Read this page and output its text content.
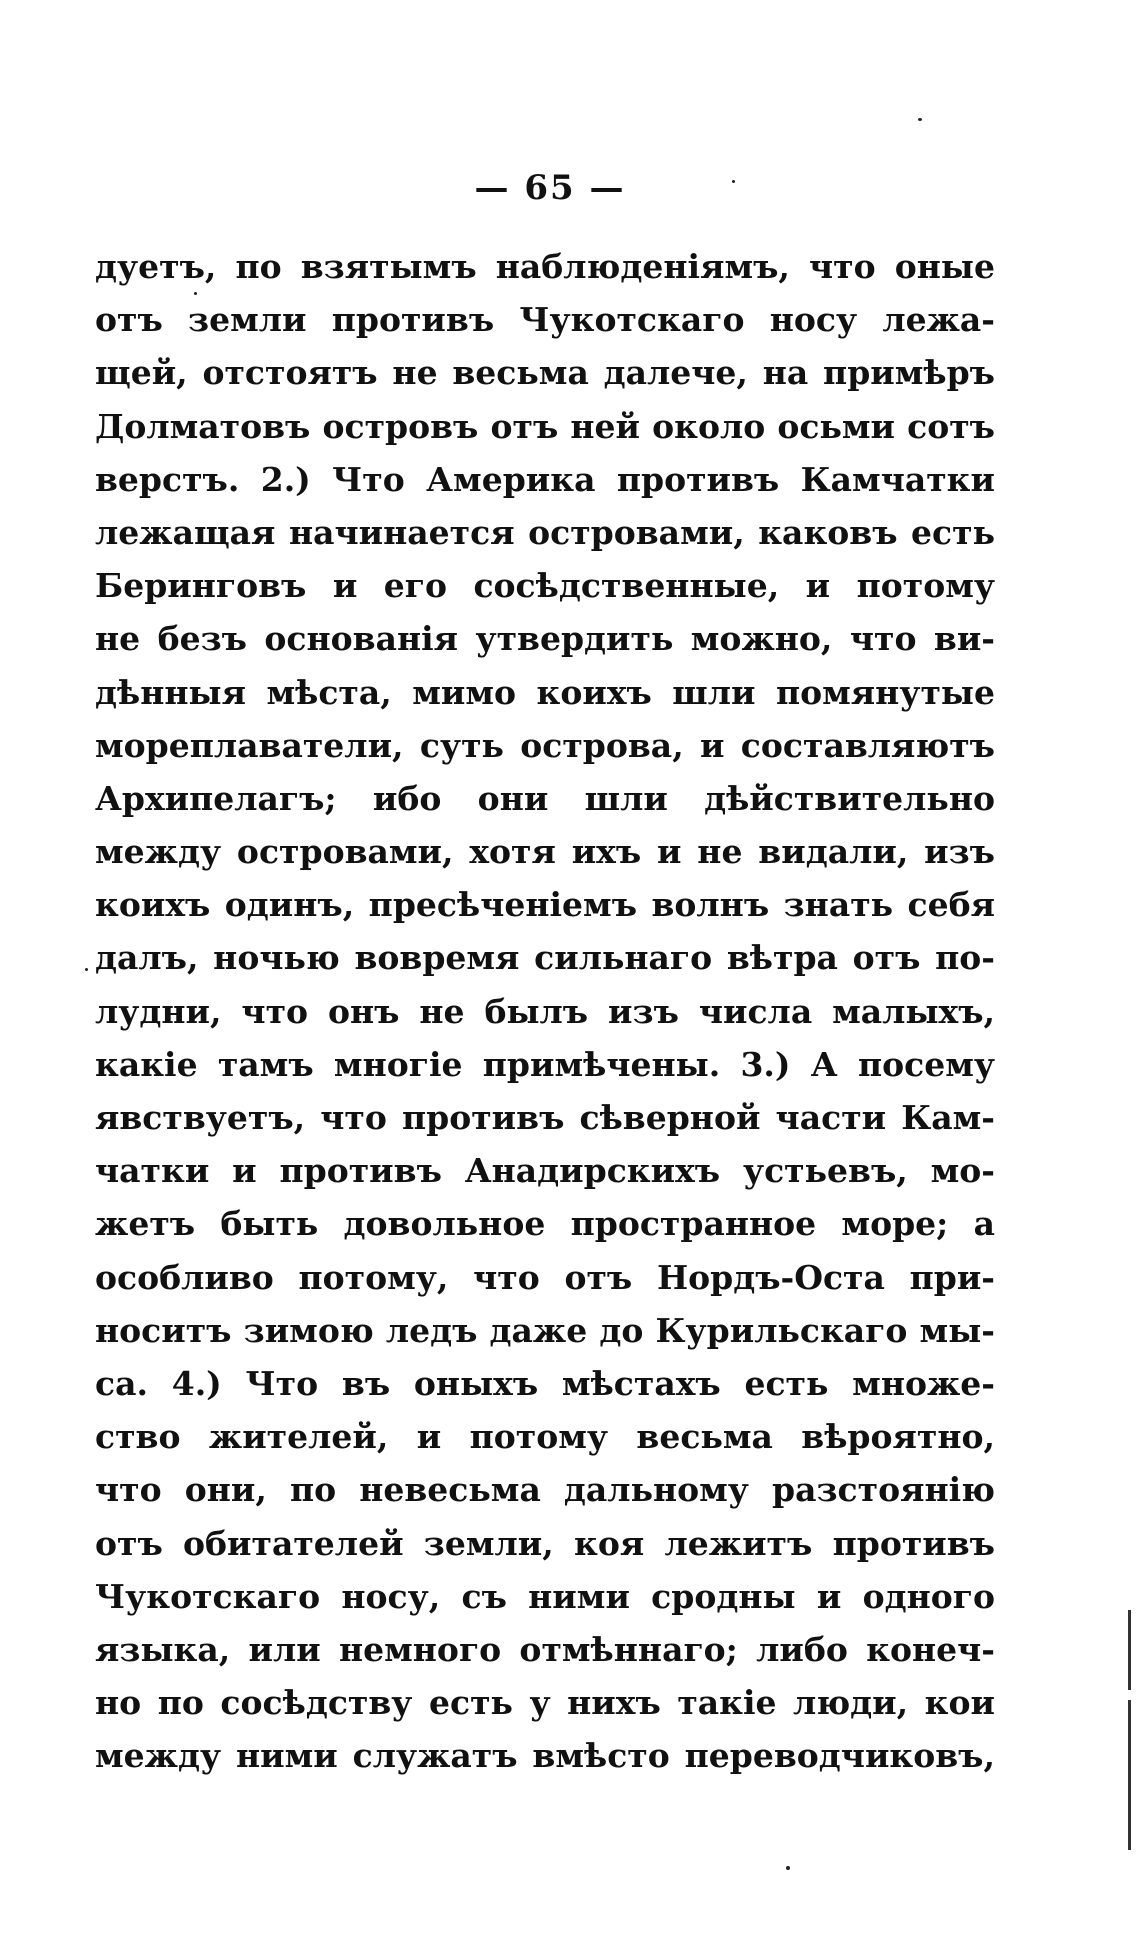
— 65 —
дуетъ, по взятымъ наблюденіямъ, что оные
отъ земли противъ Чукотскаго носу лежа-
щей, отстоятъ не весьма далече, на примѣръ
Долматовъ островъ отъ ней около осьми сотъ
верстъ. 2.) Что Америка противъ Камчатки
лежащая начинается островами, каковъ есть
Беринговъ и его сосѣдственные, и потому
не безъ основанія утвердить можно, что ви-
дѣнныя мѣста, мимо коихъ шли помянутые
мореплаватели, суть острова, и составляютъ
Архипелагъ; ибо они шли дѣйствительно
между островами, хотя ихъ и не видали, изъ
коихъ одинъ, пресѣченіемъ волнъ знать себя
далъ, ночью вовремя сильнаго вѣтра отъ по-
лудни, что онъ не былъ изъ числа малыхъ,
какіе тамъ многіе примѣчены. 3.) А посему
явствуетъ, что противъ сѣверной части Кам-
чатки и противъ Анадирскихъ устьевъ, мо-
жетъ быть довольное пространное море; а
особливо потому, что отъ Нордъ-Оста при-
носитъ зимою ледъ даже до Курильскаго мы-
са. 4.) Что въ оныхъ мѣстахъ есть множе-
ство жителей, и потому весьма вѣроятно,
что они, по невесьма дальному разстоянію
отъ обитателей земли, коя лежитъ противъ
Чукотскаго носу, съ ними сродны и одного
языка, или немного отмѣннаго; либо конеч-
но по сосѣдству есть у нихъ такіе люди, кои
между ними служатъ вмѣсто переводчиковъ,
